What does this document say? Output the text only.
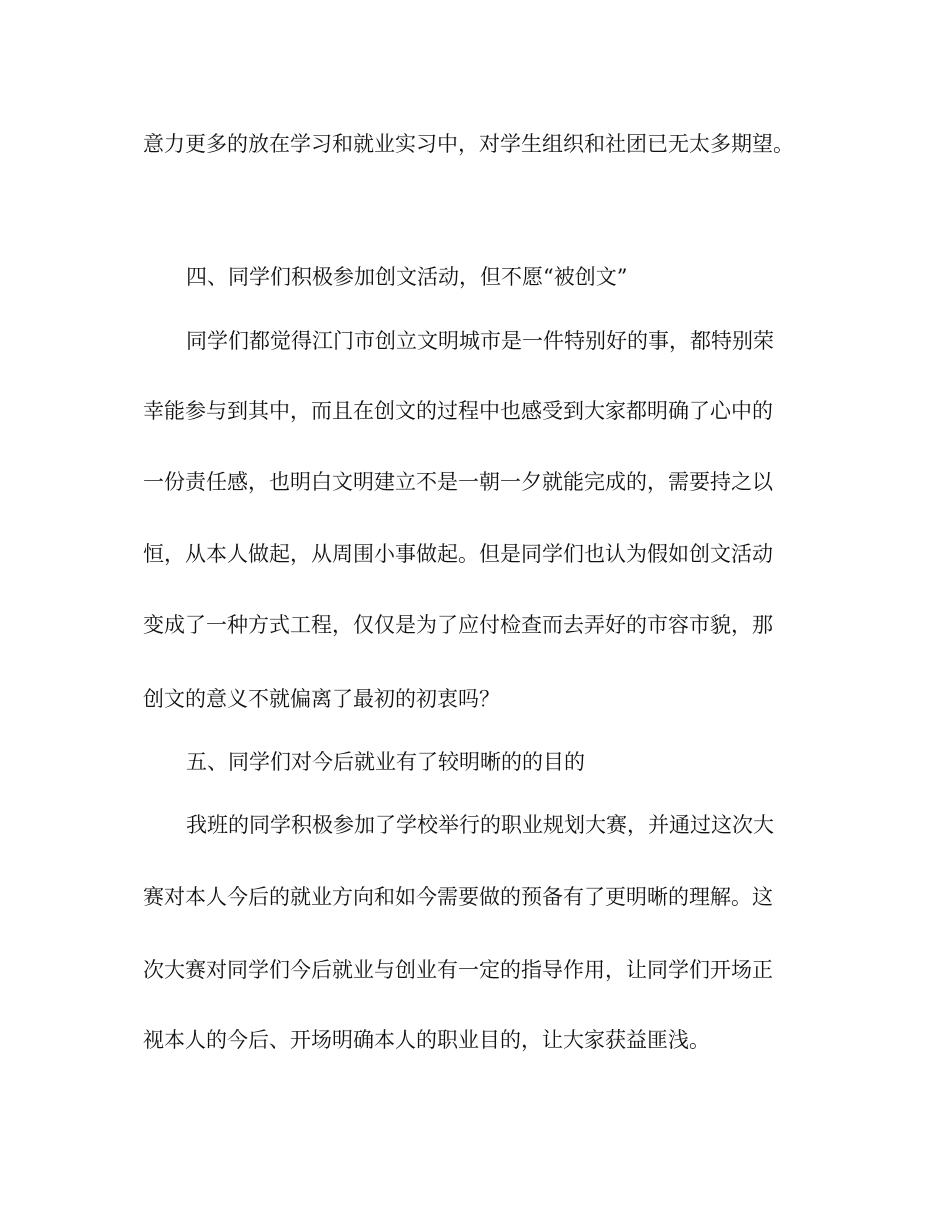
意力更多的放在学习和就业实习中，对学生组织和社团已无太多期望。

四、同学们积极参加创文活动，但不愿“被创文”

同学们都觉得江门市创立文明城市是一件特别好的事，都特别荣

幸能参与到其中，而且在创文的过程中也感受到大家都明确了心中的

一份责任感，也明白文明建立不是一朝一夕就能完成的，需要持之以

恒，从本人做起，从周围小事做起。但是同学们也认为假如创文活动

变成了一种方式工程，仅仅是为了应付检查而去弄好的市容市貌，那

创文的意义不就偏离了最初的初衷吗？

五、同学们对今后就业有了较明晰的的目的

我班的同学积极参加了学校举行的职业规划大赛，并通过这次大

赛对本人今后的就业方向和如今需要做的预备有了更明晰的理解。这

次大赛对同学们今后就业与创业有一定的指导作用，让同学们开场正

视本人的今后、开场明确本人的职业目的，让大家获益匪浅。
